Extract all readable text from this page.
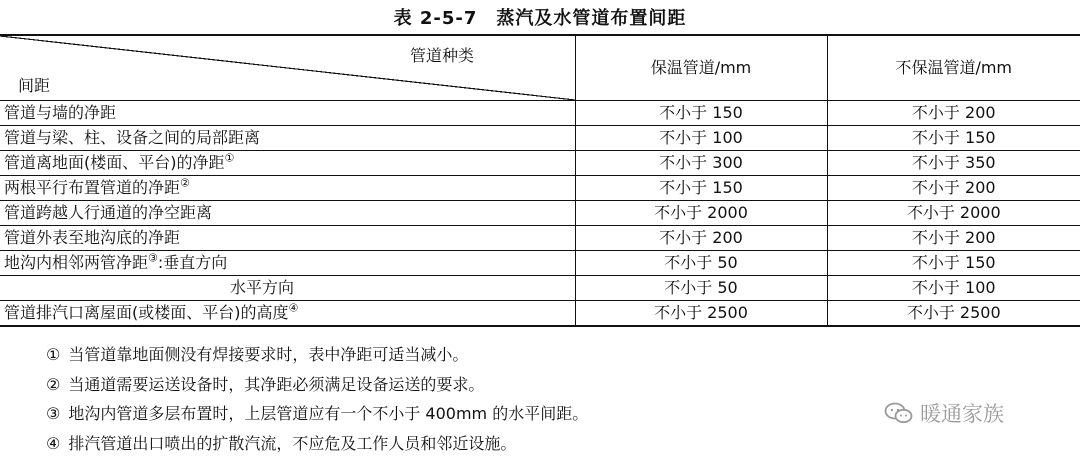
表 2-5-7　蒸汽及水管道布置间距
管道种类
间距	保温管道/mm	不保温管道/mm
管道与墙的净距	不小于 150	不小于 200
管道与梁、柱、设备之间的局部距离	不小于 100	不小于 150
管道离地面(楼面、平台)的净距①	不小于 300	不小于 350
两根平行布置管道的净距②	不小于 150	不小于 200
管道跨越人行通道的净空距离	不小于 2000	不小于 2000
管道外表至地沟底的净距	不小于 200	不小于 200
地沟内相邻两管净距③:垂直方向	不小于 50	不小于 150
水平方向	不小于 50	不小于 100
管道排汽口离屋面(或楼面、平台)的高度④	不小于 2500	不小于 2500
① 当管道靠地面侧没有焊接要求时，表中净距可适当减小。
② 当通道需要运送设备时，其净距必须满足设备运送的要求。
③ 地沟内管道多层布置时，上层管道应有一个不小于 400mm 的水平间距。
④ 排汽管道出口喷出的扩散汽流，不应危及工作人员和邻近设施。
暖通家族
